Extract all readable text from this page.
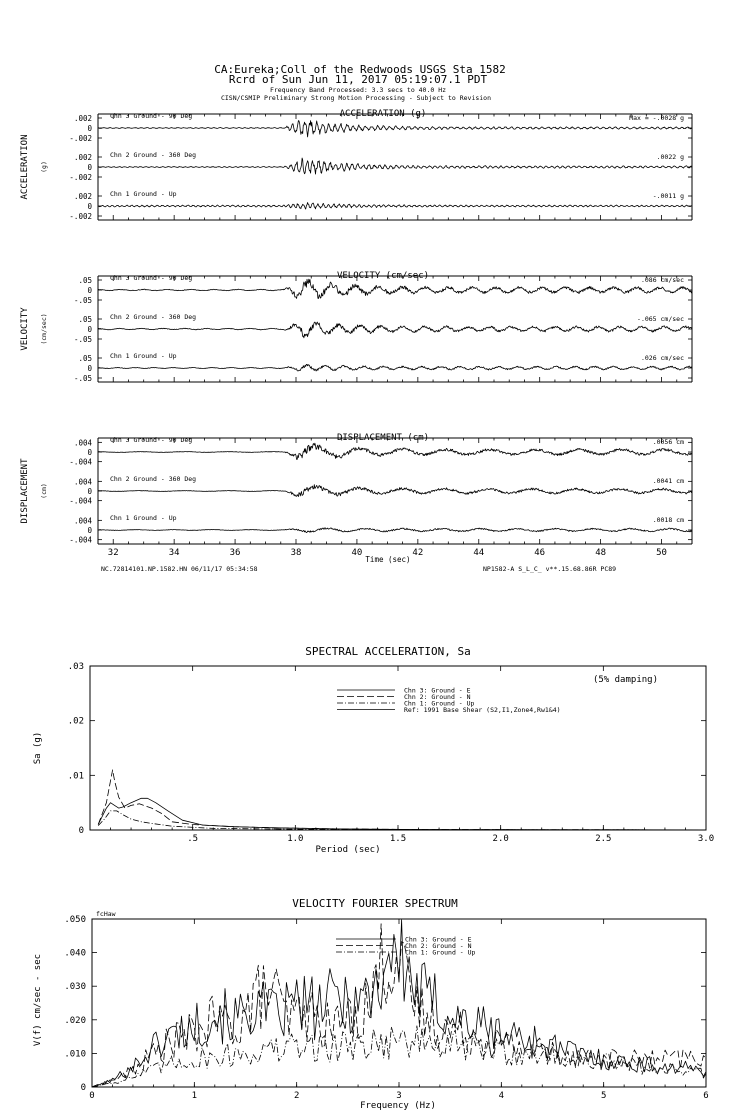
CA:Eureka;Coll of the Redwoods USGS Sta 1582
Rcrd of Sun Jun 11, 2017 05:19:07.1 PDT
Frequency Band Processed: 3.3 secs to 40.0 Hz
CISN/CSMIP Preliminary Strong Motion Processing - Subject to Revision
ACCELERATION (g)
ACCELERATION (g)
.002
0
-.002
Chn 3 Ground - 90 Deg	Max = -.0028 g
.002
0
-.002
Chn 2 Ground - 360 Deg	.0022 g
.002
0
-.002
Chn 1 Ground - Up	-.0011 g
VELOCITY (cm/sec)
VELOCITY (cm/sec)
.05
0
-.05
Chn 3 Ground - 90 Deg	.086 cm/sec
.05
0
-.05
Chn 2 Ground - 360 Deg	-.065 cm/sec
.05
0
-.05
Chn 1 Ground - Up	.026 cm/sec
DISPLACEMENT (cm)
DISPLACEMENT (cm)
.004
0
-.004
Chn 3 Ground - 90 Deg	.0056 cm
.004
0
-.004
Chn 2 Ground - 360 Deg	.0041 cm
.004
0
-.004
Chn 1 Ground - Up	.0018 cm
32	34	36	38	40	42	44	46	48	50
Time (sec)
NC.72814101.NP.1582.HN 06/11/17 05:34:58	NP1582-A S_L_C_ v**.15.68.86R PC89
SPECTRAL ACCELERATION, Sa
.5	1.0	1.5	2.0	2.5	3.0
0
.01
.02
.03
Period (sec)
Sa (g)
(5% damping)
Chn 3: Ground - E
Chn 2: Ground - N
Chn 1: Ground - Up
Ref: 1991 Base Shear (S2,I1,Zone4,Rw1&4)
VELOCITY FOURIER SPECTRUM
fcHaw
0	1	2	3	4	5	6
0
.010
.020
.030
.040
.050
Frequency (Hz)
V(f) cm/sec - sec
Chn 3: Ground - E
Chn 2: Ground - N
Chn 1: Ground - Up
